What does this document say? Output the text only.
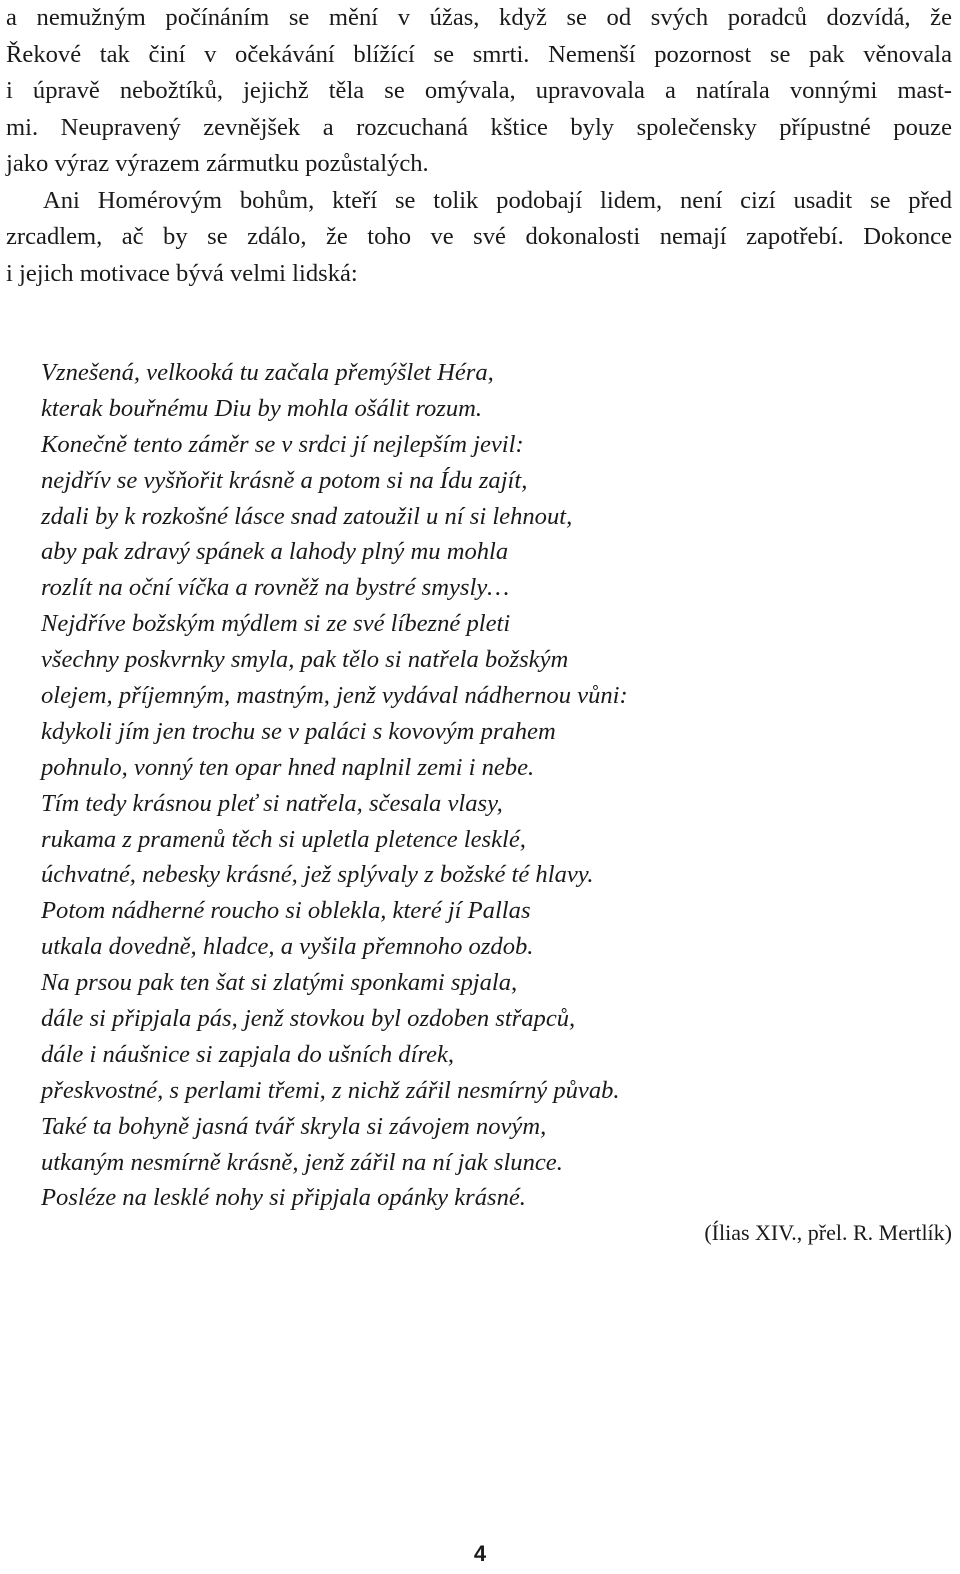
a nemužným počínáním se mění v úžas, když se od svých poradců dozvídá, že
Řekové tak činí v očekávání blížící se smrti. Nemenší pozornost se pak věnovala
i úpravě nebožtíků, jejichž těla se omývala, upravovala a natírala vonnými mast-
mi. Neupravený zevnějšek a rozcuchaná kštice byly společensky přípustné pouze
jako výraz výrazem zármutku pozůstalých.
Ani Homérovým bohům, kteří se tolik podobají lidem, není cizí usadit se před
zrcadlem, ač by se zdálo, že toho ve své dokonalosti nemají zapotřebí. Dokonce
i jejich motivace bývá velmi lidská:
Vznešená, velkooká tu začala přemýšlet Héra,
kterak bouřnému Diu by mohla ošálit rozum.
Konečně tento záměr se v srdci jí nejlepším jevil:
nejdřív se vyšňořit krásně a potom si na Ídu zajít,
zdali by k rozkošné lásce snad zatoužil u ní si lehnout,
aby pak zdravý spánek a lahody plný mu mohla
rozlít na oční víčka a rovněž na bystré smysly…
Nejdříve božským mýdlem si ze své líbezné pleti
všechny poskvrnky smyla, pak tělo si natřela božským
olejem, příjemným, mastným, jenž vydával nádhernou vůni:
kdykoli jím jen trochu se v paláci s kovovým prahem
pohnulo, vonný ten opar hned naplnil zemi i nebe.
Tím tedy krásnou pleť si natřela, sčesala vlasy,
rukama z pramenů těch si upletla pletence lesklé,
úchvatné, nebesky krásné, jež splývaly z božské té hlavy.
Potom nádherné roucho si oblekla, které jí Pallas
utkala dovedně, hladce, a vyšila přemnoho ozdob.
Na prsou pak ten šat si zlatými sponkami spjala,
dále si připjala pás, jenž stovkou byl ozdoben střapců,
dále i náušnice si zapjala do ušních dírek,
přeskvostné, s perlami třemi, z nichž zářil nesmírný půvab.
Také ta bohyně jasná tvář skryla si závojem novým,
utkaným nesmírně krásně, jenž zářil na ní jak slunce.
Posléze na lesklé nohy si připjala opánky krásné.
(Ílias XIV., přel. R. Mertlík)
4
